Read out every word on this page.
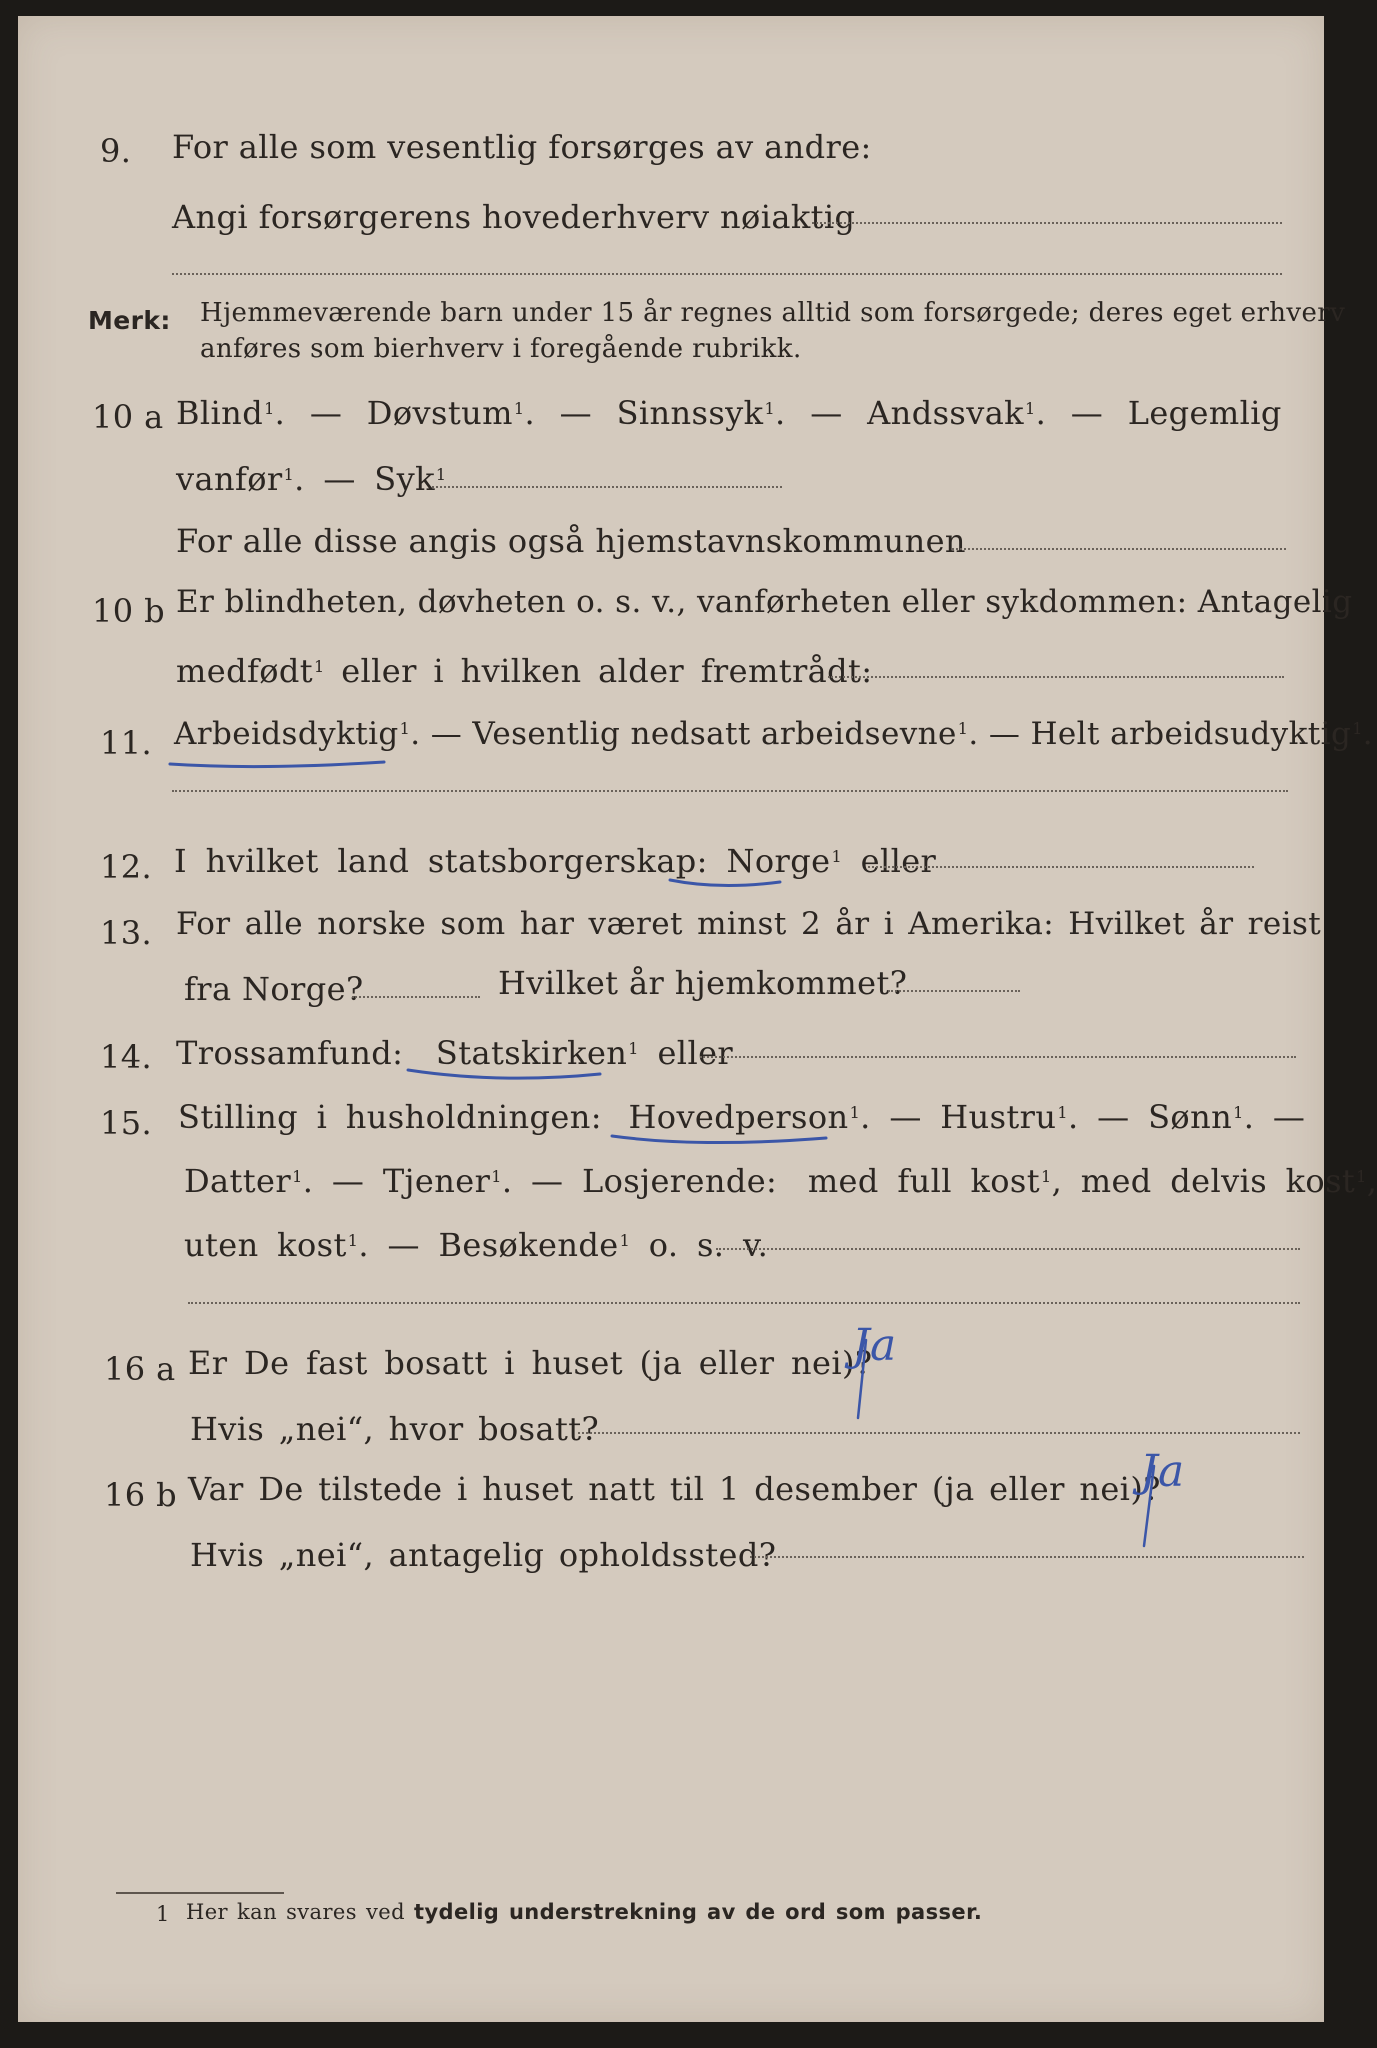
9. For alle som vesentlig forsørges av andre:
Angi forsørgerens hovederhverv nøiaktig
Merk: Hjemmeværende barn under 15 år regnes alltid som forsørgede; deres eget erhverv
anføres som bierhverv i foregående rubrikk.
10 a Blind$^1$. — Døvstum$^1$. — Sinnssyk$^1$. — Andssvak$^1$. — Legemlig
vanfør$^1$. — Syk$^1$
For alle disse angis også hjemstavnskommunen
10 b Er blindheten, døvheten o. s. v., vanførheten eller sykdommen: Antagelig
medfødt$^1$ eller i hvilken alder fremtrådt:
11. Arbeidsdyktig$^1$. — Vesentlig nedsatt arbeidsevne$^1$. — Helt arbeidsudyktig$^1$.
12. I hvilket land statsborgerskap: Norge$^1$ eller
13. For alle norske som har været minst 2 år i Amerika: Hvilket år reist
fra Norge?	Hvilket år hjemkommet?
14. Trossamfund: Statskirken$^1$ eller
15. Stilling i husholdningen: Hovedperson$^1$. — Hustru$^1$. — Sønn$^1$. —
Datter$^1$. — Tjener$^1$. — Losjerende: med full kost$^1$, med delvis kost$^1$,
uten kost$^1$. — Besøkende$^1$ o. s. v.
16 a Er De fast bosatt i huset (ja eller nei)?
Hvis „nei“, hvor bosatt?
Ja
16 b Var De tilstede i huset natt til 1 desember (ja eller nei)?
Hvis „nei“, antagelig opholdssted?
Ja
1 Her kan svares ved tydelig understrekning av de ord som passer.
